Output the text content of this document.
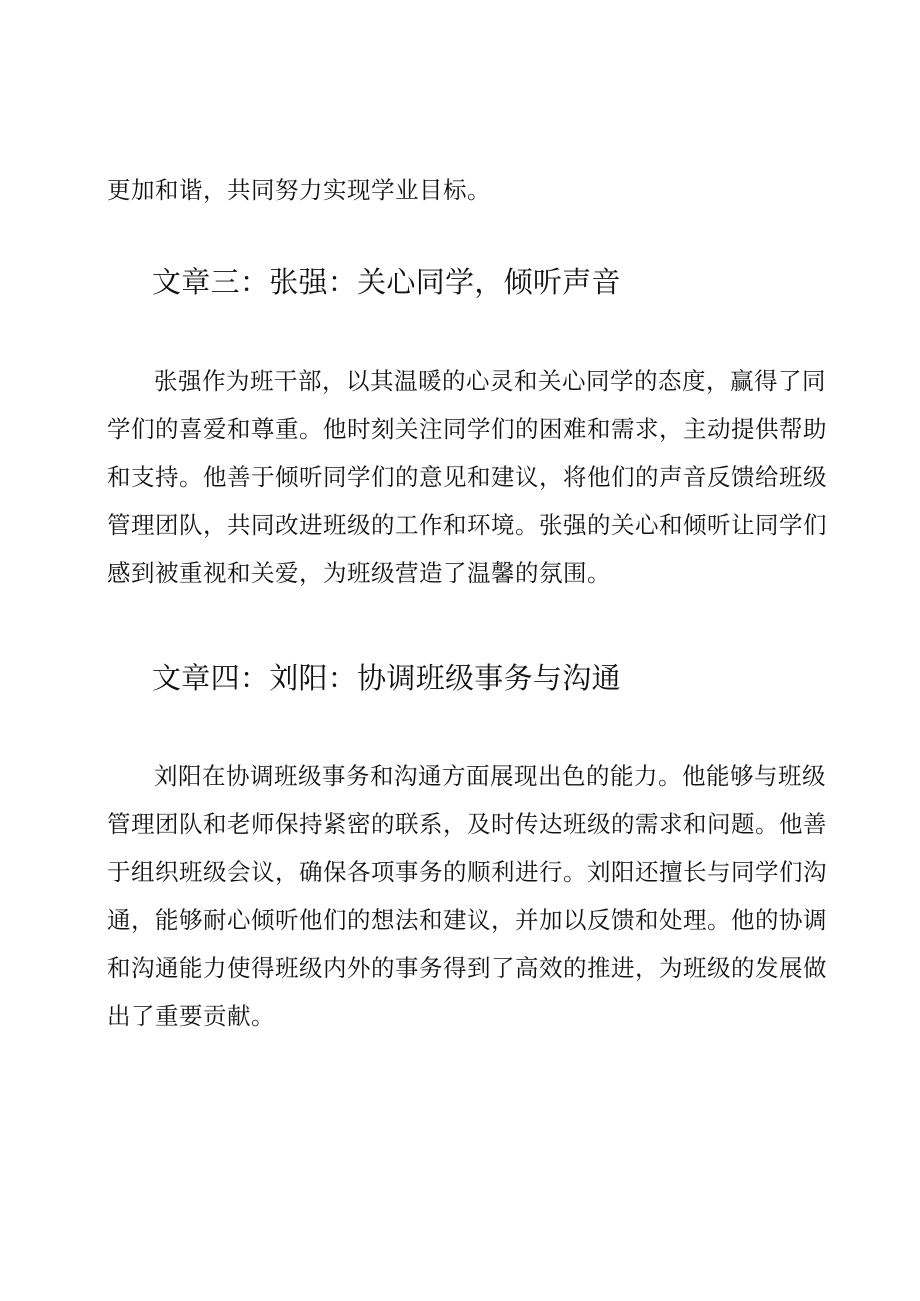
更加和谐，共同努力实现学业目标。

文章三：张强：关心同学，倾听声音

张强作为班干部，以其温暖的心灵和关心同学的态度，赢得了同
学们的喜爱和尊重。他时刻关注同学们的困难和需求，主动提供帮助
和支持。他善于倾听同学们的意见和建议，将他们的声音反馈给班级
管理团队，共同改进班级的工作和环境。张强的关心和倾听让同学们
感到被重视和关爱，为班级营造了温馨的氛围。

文章四：刘阳：协调班级事务与沟通

刘阳在协调班级事务和沟通方面展现出色的能力。他能够与班级
管理团队和老师保持紧密的联系，及时传达班级的需求和问题。他善
于组织班级会议，确保各项事务的顺利进行。刘阳还擅长与同学们沟
通，能够耐心倾听他们的想法和建议，并加以反馈和处理。他的协调
和沟通能力使得班级内外的事务得到了高效的推进，为班级的发展做
出了重要贡献。
